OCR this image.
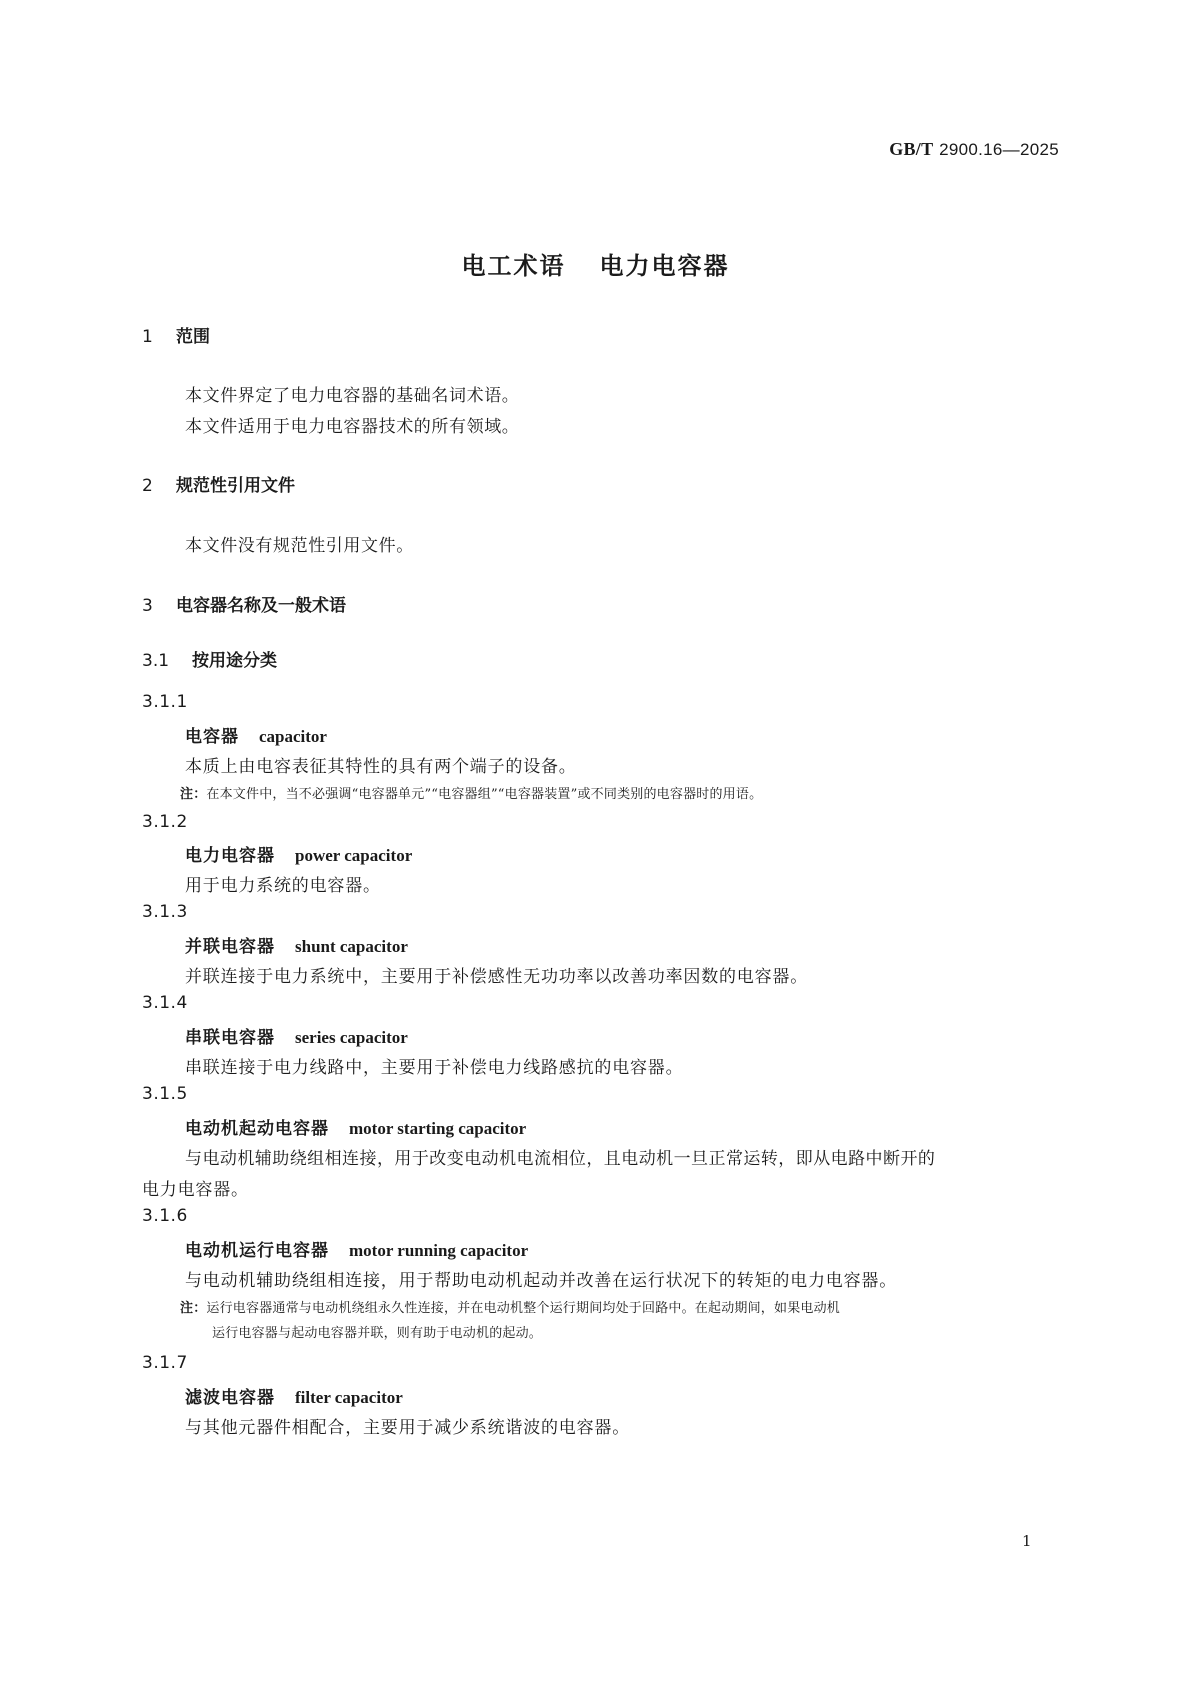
GB/T 2900.16—2025
电工术语 电力电容器
1 范围
本文件界定了电力电容器的基础名词术语。
本文件适用于电力电容器技术的所有领域。
2 规范性引用文件
本文件没有规范性引用文件。
3 电容器名称及一般术语
3.1 按用途分类
3.1.1
电容器 capacitor
本质上由电容表征其特性的具有两个端子的设备。
注：在本文件中，当不必强调“电容器单元”“电容器组”“电容器装置”或不同类别的电容器时的用语。
3.1.2
电力电容器 power capacitor
用于电力系统的电容器。
3.1.3
并联电容器 shunt capacitor
并联连接于电力系统中，主要用于补偿感性无功功率以改善功率因数的电容器。
3.1.4
串联电容器 series capacitor
串联连接于电力线路中，主要用于补偿电力线路感抗的电容器。
3.1.5
电动机起动电容器 motor starting capacitor
与电动机辅助绕组相连接，用于改变电动机电流相位，且电动机一旦正常运转，即从电路中断开的
电力电容器。
3.1.6
电动机运行电容器 motor running capacitor
与电动机辅助绕组相连接，用于帮助电动机起动并改善在运行状况下的转矩的电力电容器。
注：运行电容器通常与电动机绕组永久性连接，并在电动机整个运行期间均处于回路中。在起动期间，如果电动机
运行电容器与起动电容器并联，则有助于电动机的起动。
3.1.7
滤波电容器 filter capacitor
与其他元器件相配合，主要用于减少系统谐波的电容器。
1
